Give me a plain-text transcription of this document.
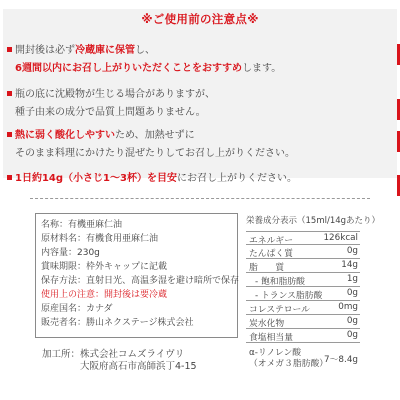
※ご使用前の注意点※
開封後は必ず冷蔵庫に保管し、
6週間以内にお召し上がりいただくことをおすすめします。
瓶の底に沈殿物が生じる場合がありますが、
種子由来の成分で品質上問題ありません。
熱に弱く酸化しやすいため、加熱せずに
そのまま料理にかけたり混ぜたりしてお召し上がりください。
1日約14g（小さじ1〜3杯）を目安にお召し上がりください。
名称：有機亜麻仁油
原材料名：有機食用亜麻仁油
内容量：230g
賞味期限：枠外キャップに記載
保存方法：直射日光、高温多湿を避け暗所で保存
使用上の注意：開封後は要冷蔵
原産国名：カナダ
販売者名：勝山ネクステージ株式会社
栄養成分表示（15ml/14gあたり）
エネルギー	126kcal
たんぱく質	0g
脂　　質	14g
- 飽和脂肪酸	1g
- トランス脂肪酸	0g
コレステロール	0mg
炭水化物	0g
食塩相当量	0g
α-リノレン酸
（オメガ３脂肪酸）
7〜8.4g
加工所：株式会社コムズライヴリ
　　　　大阪府高石市高師浜丁4-15
